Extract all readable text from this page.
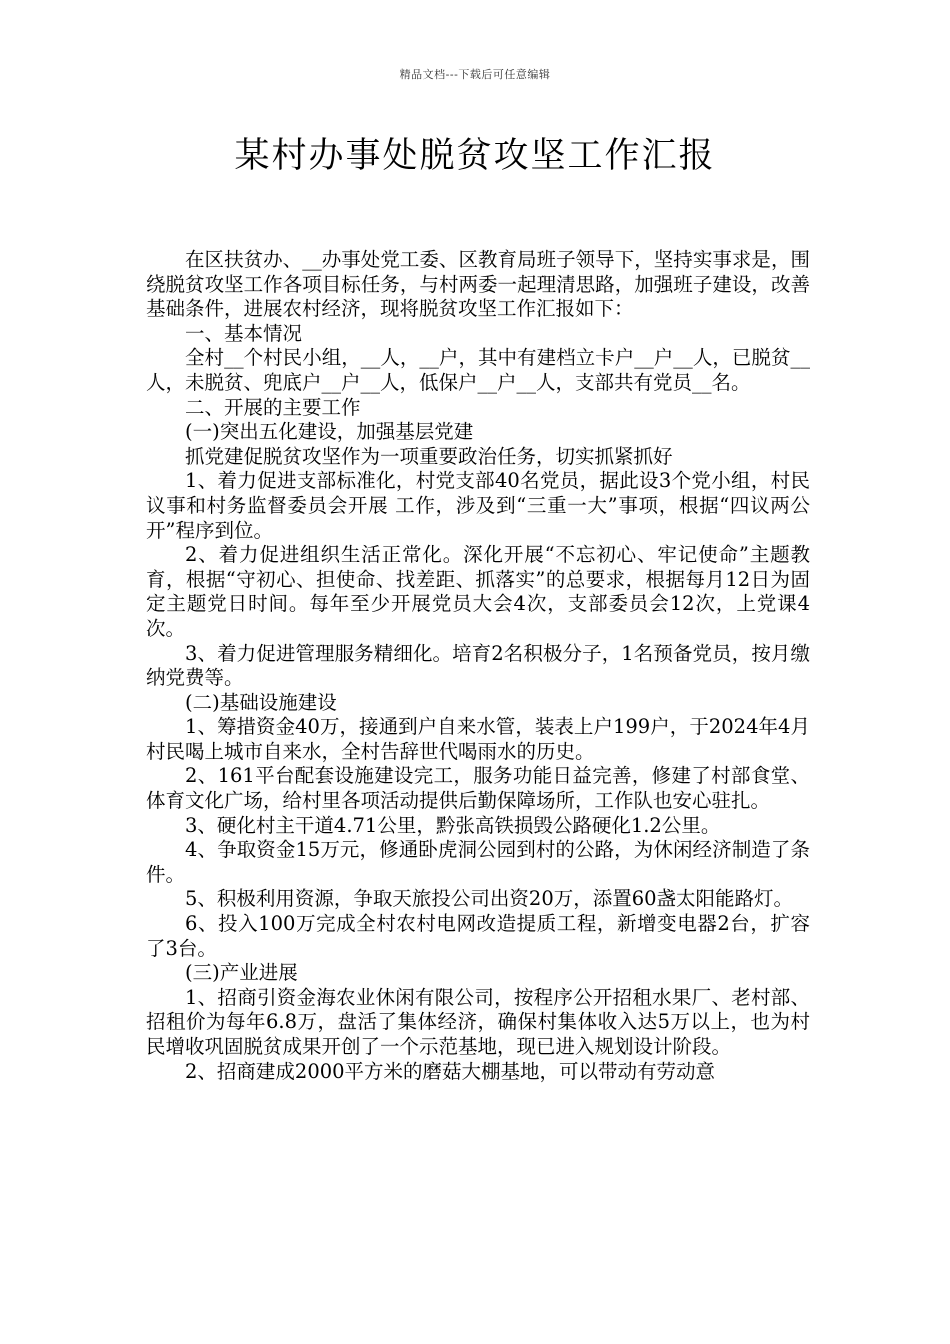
精品文档---下载后可任意编辑
某村办事处脱贫攻坚工作汇报

在区扶贫办、__办事处党工委、区教育局班子领导下，坚持实事求是，围绕脱贫攻坚工作各项目标任务，与村两委一起理清思路，加强班子建设，改善基础条件，进展农村经济，现将脱贫攻坚工作汇报如下：

一、基本情况

全村__个村民小组，__人，__户，其中有建档立卡户__户__人，已脱贫__人，未脱贫、兜底户__户__人，低保户__户__人，支部共有党员__名。

二、开展的主要工作

(一)突出五化建设，加强基层党建

抓党建促脱贫攻坚作为一项重要政治任务，切实抓紧抓好

1、着力促进支部标准化，村党支部40名党员，据此设3个党小组，村民议事和村务监督委员会开展 工作，涉及到“三重一大”事项，根据“四议两公开”程序到位。

2、着力促进组织生活正常化。深化开展“不忘初心、牢记使命”主题教育，根据“守初心、担使命、找差距、抓落实”的总要求，根据每月12日为固定主题党日时间。每年至少开展党员大会4次，支部委员会12次，上党课4次。

3、着力促进管理服务精细化。培育2名积极分子，1名预备党员，按月缴纳党费等。

(二)基础设施建设

1、筹措资金40万，接通到户自来水管，装表上户199户，于2024年4月村民喝上城市自来水，全村告辞世代喝雨水的历史。

2、161平台配套设施建设完工，服务功能日益完善，修建了村部食堂、体育文化广场，给村里各项活动提供后勤保障场所，工作队也安心驻扎。

3、硬化村主干道4.71公里，黔张高铁损毁公路硬化1.2公里。

4、争取资金15万元，修通卧虎洞公园到村的公路，为休闲经济制造了条件。

5、积极利用资源，争取天旅投公司出资20万，添置60盏太阳能路灯。

6、投入100万完成全村农村电网改造提质工程，新增变电器2台，扩容了3台。

(三)产业进展

1、招商引资金海农业休闲有限公司，按程序公开招租水果厂、老村部、招租价为每年6.8万，盘活了集体经济，确保村集体收入达5万以上，也为村民增收巩固脱贫成果开创了一个示范基地，现已进入规划设计阶段。

2、招商建成2000平方米的磨菇大棚基地，可以带动有劳动意
